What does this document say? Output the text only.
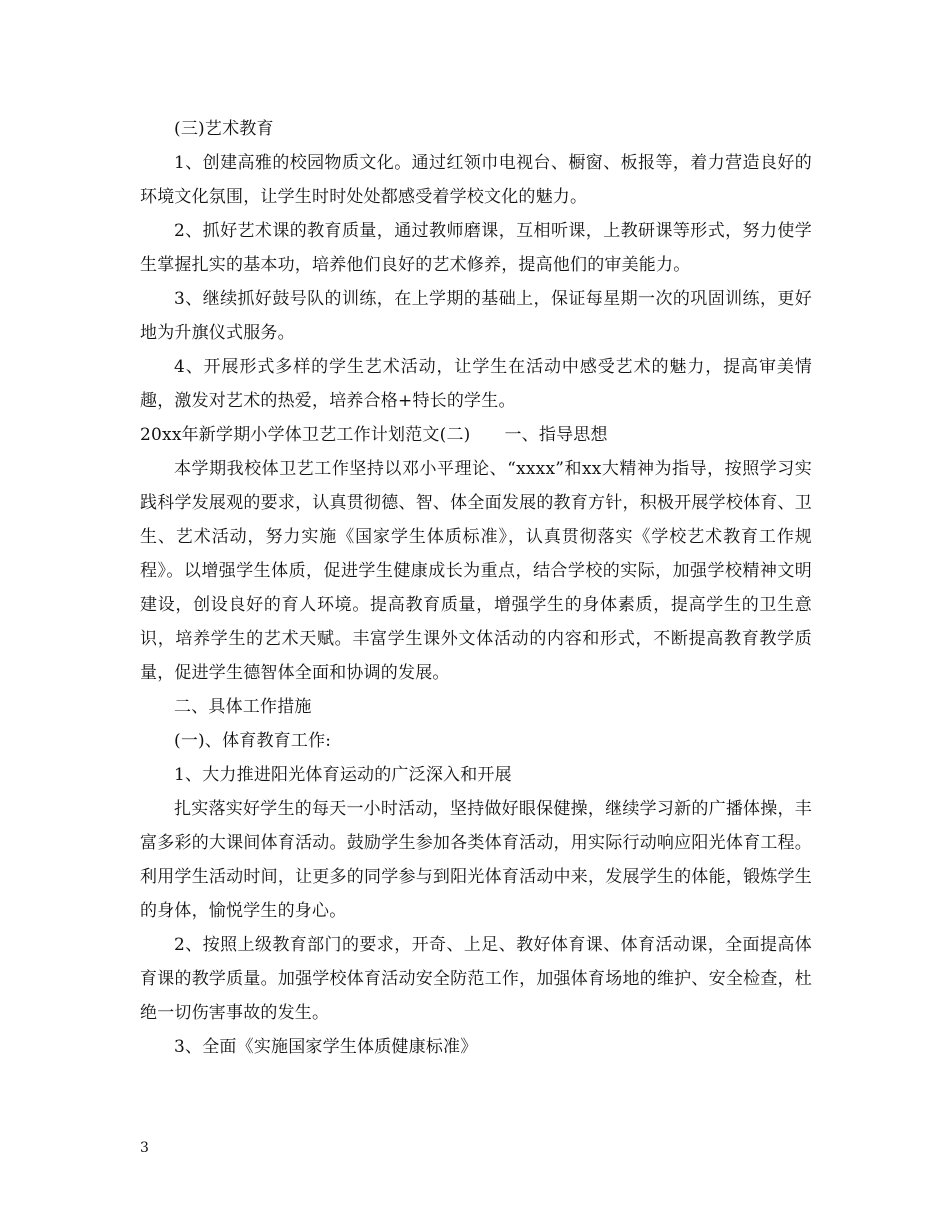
(三)艺术教育

1、创建高雅的校园物质文化。通过红领巾电视台、橱窗、板报等，着力营造良好的环境文化氛围，让学生时时处处都感受着学校文化的魅力。

2、抓好艺术课的教育质量，通过教师磨课，互相听课，上教研课等形式，努力使学生掌握扎实的基本功，培养他们良好的艺术修养，提高他们的审美能力。

3、继续抓好鼓号队的训练，在上学期的基础上，保证每星期一次的巩固训练，更好地为升旗仪式服务。

4、开展形式多样的学生艺术活动，让学生在活动中感受艺术的魅力，提高审美情趣，激发对艺术的热爱，培养合格+特长的学生。

20xx年新学期小学体卫艺工作计划范文(二) 一、指导思想

本学期我校体卫艺工作坚持以邓小平理论、“xxxx”和xx大精神为指导，按照学习实践科学发展观的要求，认真贯彻德、智、体全面发展的教育方针，积极开展学校体育、卫生、艺术活动，努力实施《国家学生体质标准》，认真贯彻落实《学校艺术教育工作规程》。以增强学生体质，促进学生健康成长为重点，结合学校的实际，加强学校精神文明建设，创设良好的育人环境。提高教育质量，增强学生的身体素质，提高学生的卫生意识，培养学生的艺术天赋。丰富学生课外文体活动的内容和形式，不断提高教育教学质量，促进学生德智体全面和协调的发展。

二、具体工作措施

(一)、体育教育工作:

1、大力推进阳光体育运动的广泛深入和开展

扎实落实好学生的每天一小时活动，坚持做好眼保健操，继续学习新的广播体操，丰富多彩的大课间体育活动。鼓励学生参加各类体育活动，用实际行动响应阳光体育工程。利用学生活动时间，让更多的同学参与到阳光体育活动中来，发展学生的体能，锻炼学生的身体，愉悦学生的身心。

2、按照上级教育部门的要求，开奇、上足、教好体育课、体育活动课，全面提高体育课的教学质量。加强学校体育活动安全防范工作，加强体育场地的维护、安全检查，杜绝一切伤害事故的发生。

3、全面《实施国家学生体质健康标准》

3
